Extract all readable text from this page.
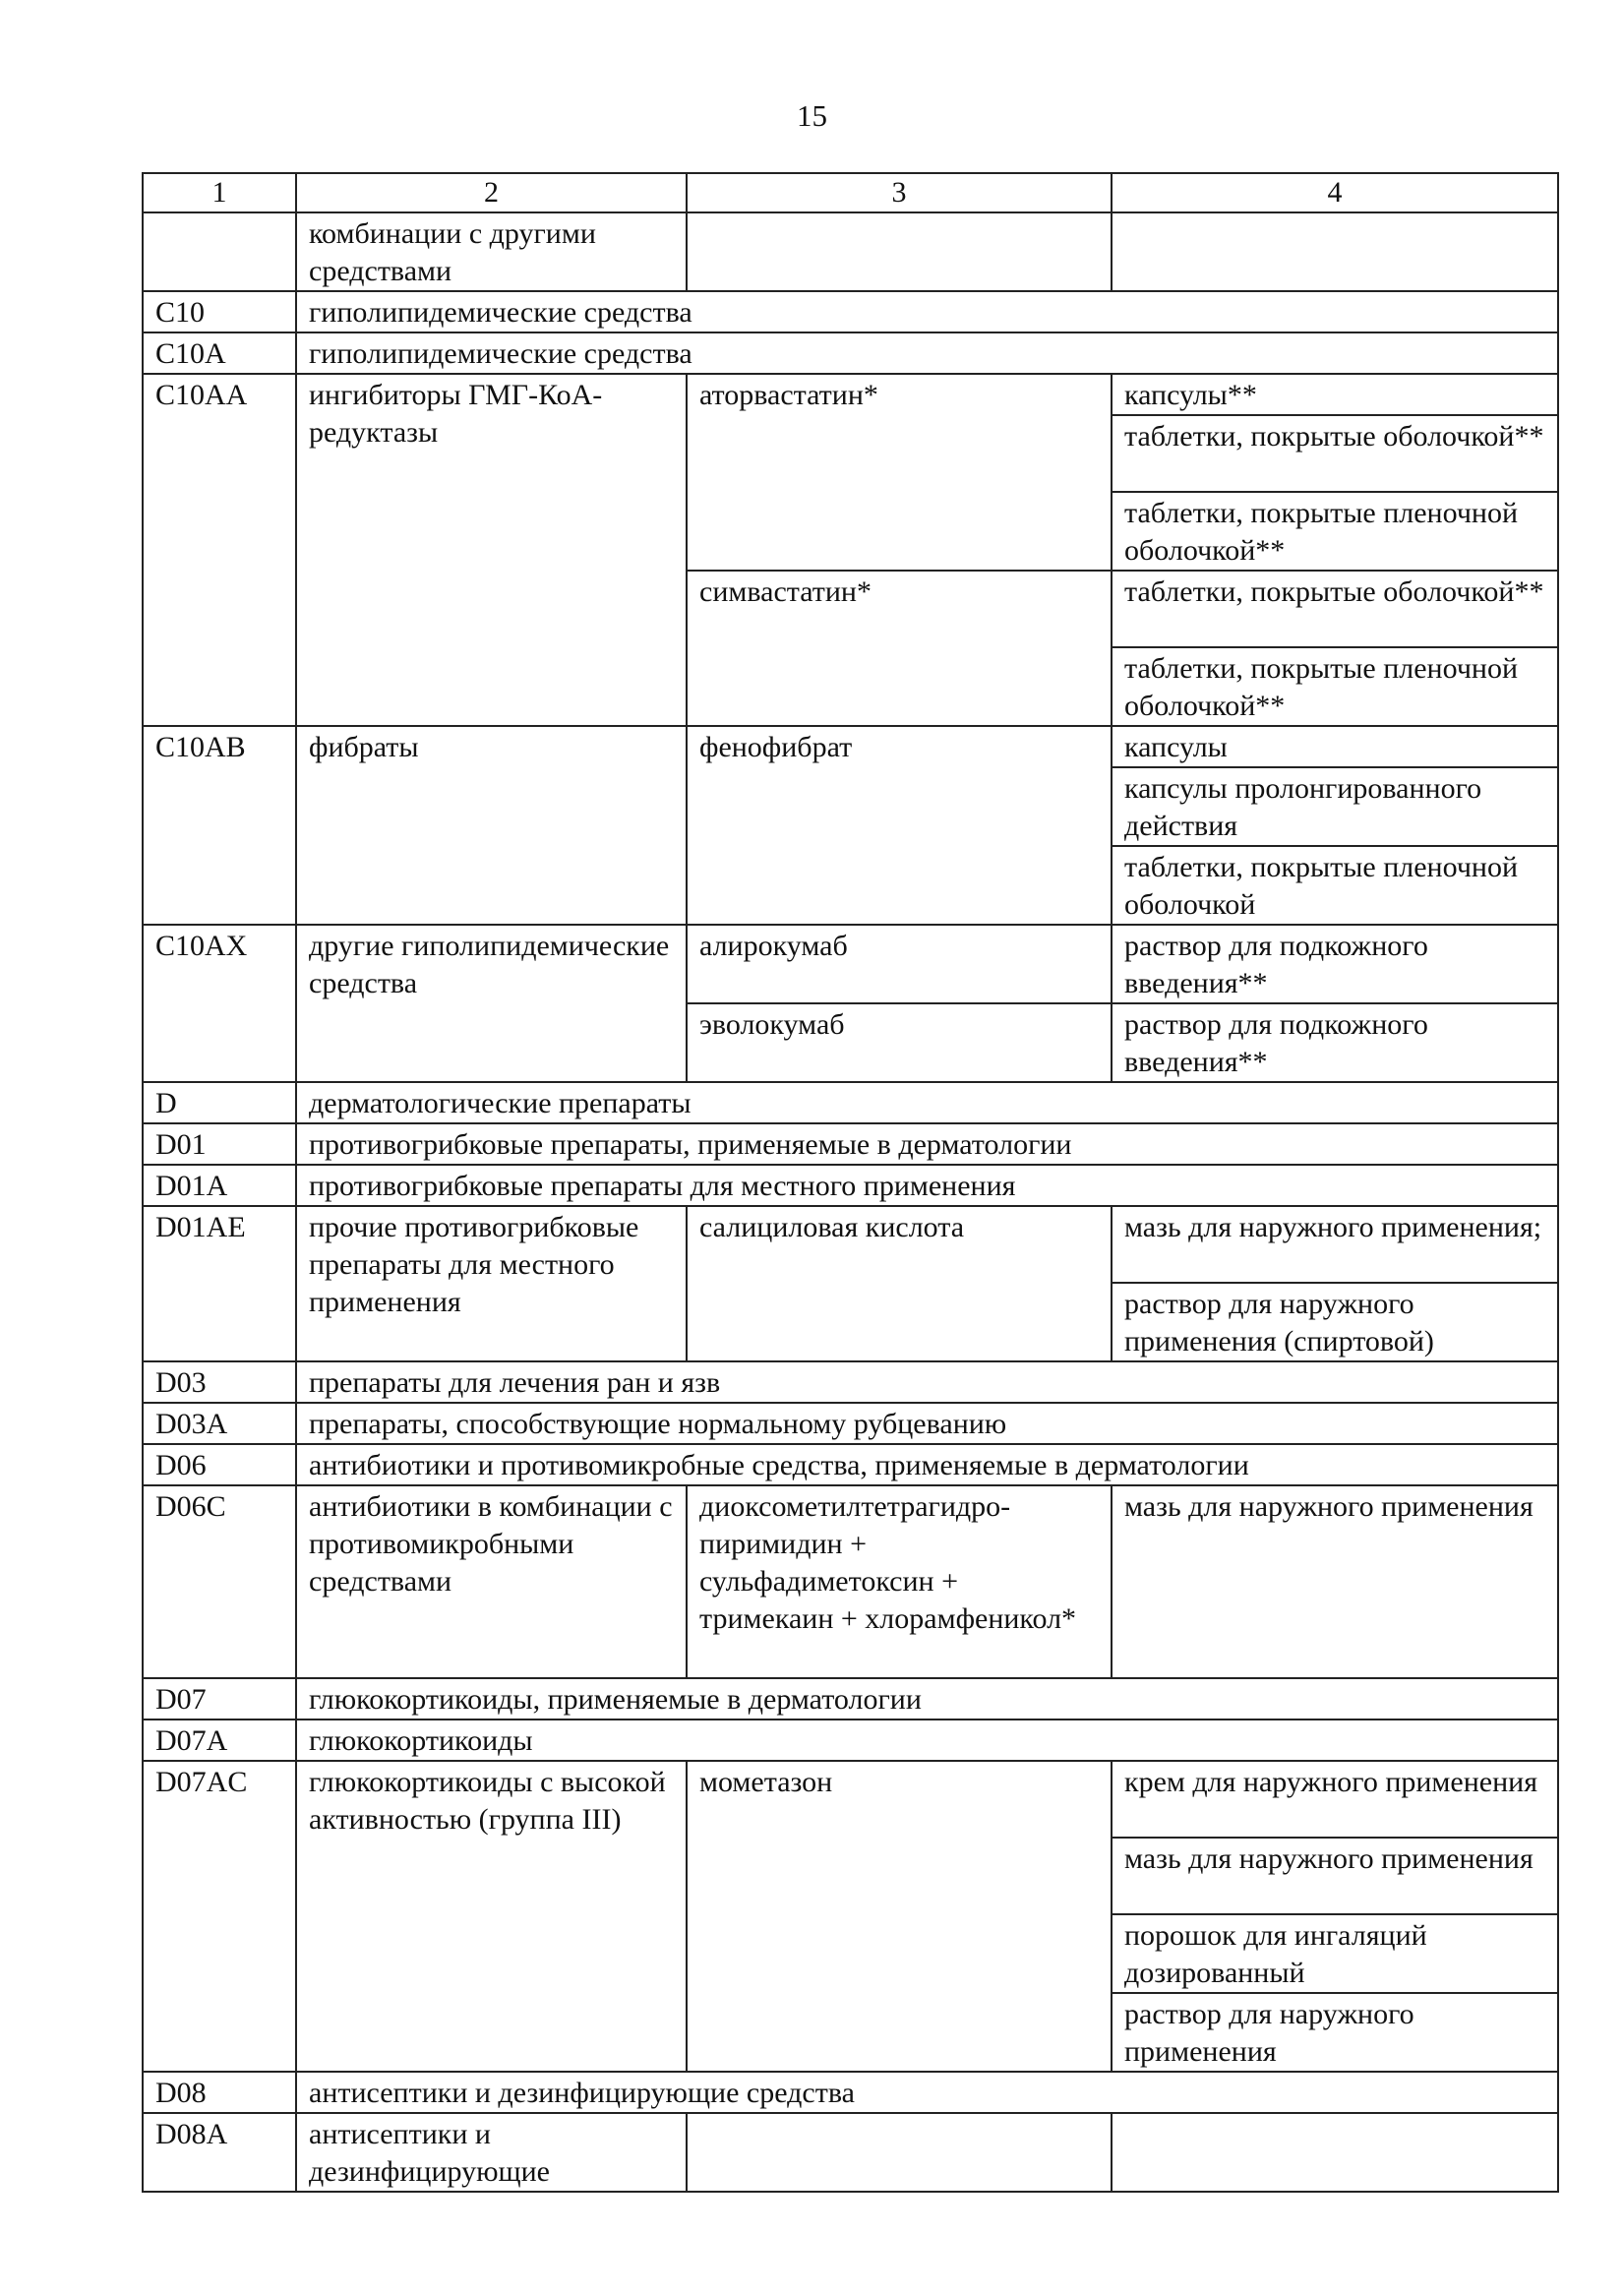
15
1	2	3	4
	комбинации с другими средствами		
C10	гиполипидемические средства		
C10A	гиполипидемические средства		
C10AA	ингибиторы ГМГ-КоА-редуктазы	аторвастатин*	капсулы**
			таблетки, покрытые оболочкой**
			таблетки, покрытые пленочной оболочкой**
		симвастатин*	таблетки, покрытые оболочкой**
			таблетки, покрытые пленочной оболочкой**
C10AB	фибраты	фенофибрат	капсулы
			капсулы пролонгированного действия
			таблетки, покрытые пленочной оболочкой
C10AX	другие гиполипидемические средства	алирокумаб	раствор для подкожного введения**
		эволокумаб	раствор для подкожного введения**
D	дерматологические препараты		
D01	противогрибковые препараты, применяемые в дерматологии		
D01A	противогрибковые препараты для местного применения		
D01AE	прочие противогрибковые препараты для местного применения	салициловая кислота	мазь для наружного применения;
			раствор для наружного применения (спиртовой)
D03	препараты для лечения ран и язв		
D03A	препараты, способствующие нормальному рубцеванию		
D06	антибиотики и противомикробные средства, применяемые в дерматологии		
D06C	антибиотики в комбинации с противомикробными средствами	диоксометилтетрагидро-пиримидин + сульфадиметоксин + тримекаин + хлорамфеникол*	мазь для наружного применения
D07	глюкокортикоиды, применяемые в дерматологии		
D07A	глюкокортикоиды		
D07AC	глюкокортикоиды с высокой активностью (группа III)	мометазон	крем для наружного применения
			мазь для наружного применения
			порошок для ингаляций дозированный
			раствор для наружного применения
D08	антисептики и дезинфицирующие средства		
D08A	антисептики и дезинфицирующие		
